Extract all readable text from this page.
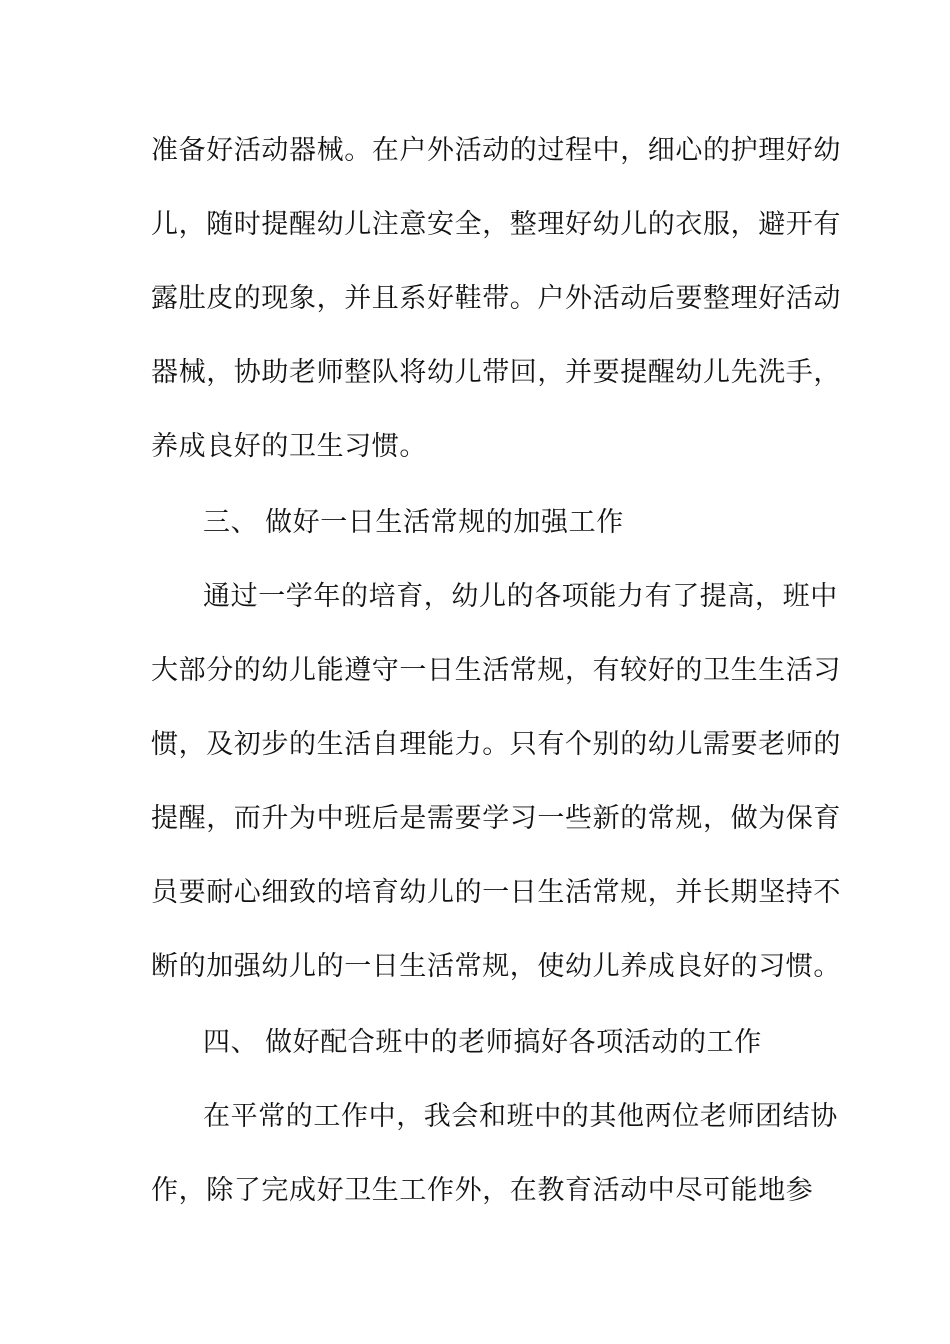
准备好活动器械。在户外活动的过程中，细心的护理好幼
儿，随时提醒幼儿注意安全，整理好幼儿的衣服，避开有
露肚皮的现象，并且系好鞋带。户外活动后要整理好活动
器械，协助老师整队将幼儿带回，并要提醒幼儿先洗手，
养成良好的卫生习惯。
三、 做好一日生活常规的加强工作
通过一学年的培育，幼儿的各项能力有了提高，班中
大部分的幼儿能遵守一日生活常规，有较好的卫生生活习
惯，及初步的生活自理能力。只有个别的幼儿需要老师的
提醒，而升为中班后是需要学习一些新的常规，做为保育
员要耐心细致的培育幼儿的一日生活常规，并长期坚持不
断的加强幼儿的一日生活常规，使幼儿养成良好的习惯。
四、 做好配合班中的老师搞好各项活动的工作
在平常的工作中，我会和班中的其他两位老师团结协
作，除了完成好卫生工作外，在教育活动中尽可能地参
